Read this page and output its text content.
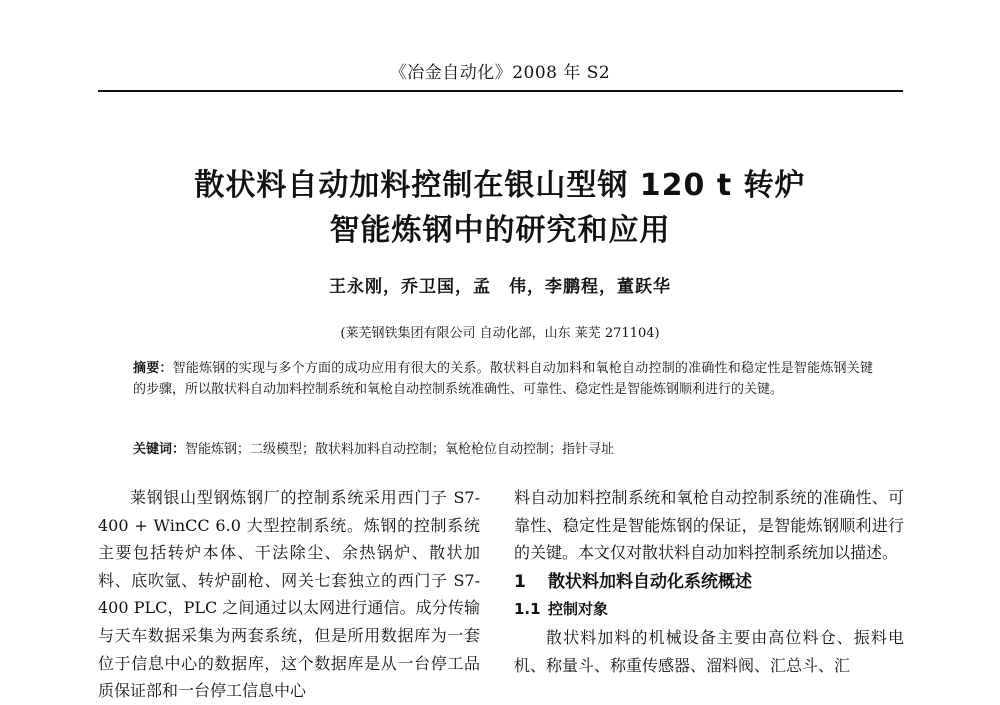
《冶金自动化》2008 年 S2
散状料自动加料控制在银山型钢 120 t 转炉
智能炼钢中的研究和应用
王永刚，乔卫国，孟　伟，李鹏程，董跃华
(莱芜钢铁集团有限公司 自动化部，山东 莱芜 271104)
摘要：智能炼钢的实现与多个方面的成功应用有很大的关系。散状料自动加料和氧枪自动控制的准确性和稳定性是智能炼钢关键的步骤，所以散状料自动加料控制系统和氧枪自动控制系统准确性、可靠性、稳定性是智能炼钢顺利进行的关键。
关键词：智能炼钢；二级模型；散状料加料自动控制；氧枪枪位自动控制；指针寻址

莱钢银山型钢炼钢厂的控制系统采用西门子 S7-400 + WinCC 6.0 大型控制系统。炼钢的控制系统主要包括转炉本体、干法除尘、余热锅炉、散状加料、底吹氩、转炉副枪、网关七套独立的西门子 S7-400 PLC，PLC 之间通过以太网进行通信。成分传输与天车数据采集为两套系统，但是所用数据库为一套位于信息中心的数据库，这个数据库是从一台停工品质保证部和一台停工信息中心

料自动加料控制系统和氧枪自动控制系统的准确性、可靠性、稳定性是智能炼钢的保证，是智能炼钢顺利进行的关键。本文仅对散状料自动加料控制系统加以描述。

1 散状料加料自动化系统概述
1.1 控制对象

散状料加料的机械设备主要由高位料仓、振料电机、称量斗、称重传感器、溜料阀、汇总斗、汇
